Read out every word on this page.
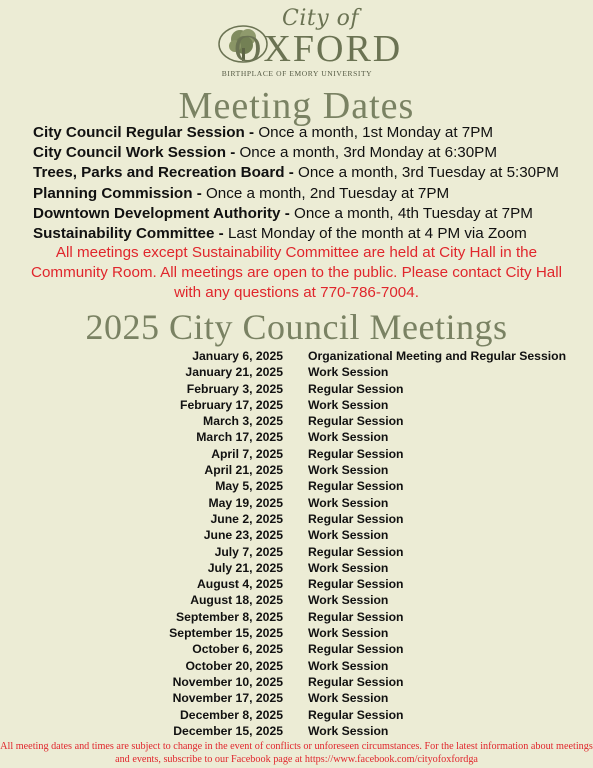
City of
OXFORD
BIRTHPLACE OF EMORY UNIVERSITY
Meeting Dates
City Council Regular Session - Once a month, 1st Monday at 7PM
City Council Work Session - Once a month, 3rd Monday at 6:30PM
Trees, Parks and Recreation Board - Once a month, 3rd Tuesday at 5:30PM
Planning Commission - Once a month, 2nd Tuesday at 7PM
Downtown Development Authority - Once a month, 4th Tuesday at 7PM
Sustainability Committee - Last Monday of the month at 4 PM via Zoom
All meetings except Sustainability Committee are held at City Hall in the Community Room. All meetings are open to the public. Please contact City Hall with any questions at 770-786-7004.
2025 City Council Meetings
January 6, 2025 Organizational Meeting and Regular Session
January 21, 2025 Work Session
February 3, 2025 Regular Session
February 17, 2025 Work Session
March 3, 2025 Regular Session
March 17, 2025 Work Session
April 7, 2025 Regular Session
April 21, 2025 Work Session
May 5, 2025 Regular Session
May 19, 2025 Work Session
June 2, 2025 Regular Session
June 23, 2025 Work Session
July 7, 2025 Regular Session
July 21, 2025 Work Session
August 4, 2025 Regular Session
August 18, 2025 Work Session
September 8, 2025 Regular Session
September 15, 2025 Work Session
October 6, 2025 Regular Session
October 20, 2025 Work Session
November 10, 2025 Regular Session
November 17, 2025 Work Session
December 8, 2025 Regular Session
December 15, 2025 Work Session
All meeting dates and times are subject to change in the event of conflicts or unforeseen circumstances. For the latest information about meetings and events, subscribe to our Facebook page at https://www.facebook.com/cityofoxfordga
